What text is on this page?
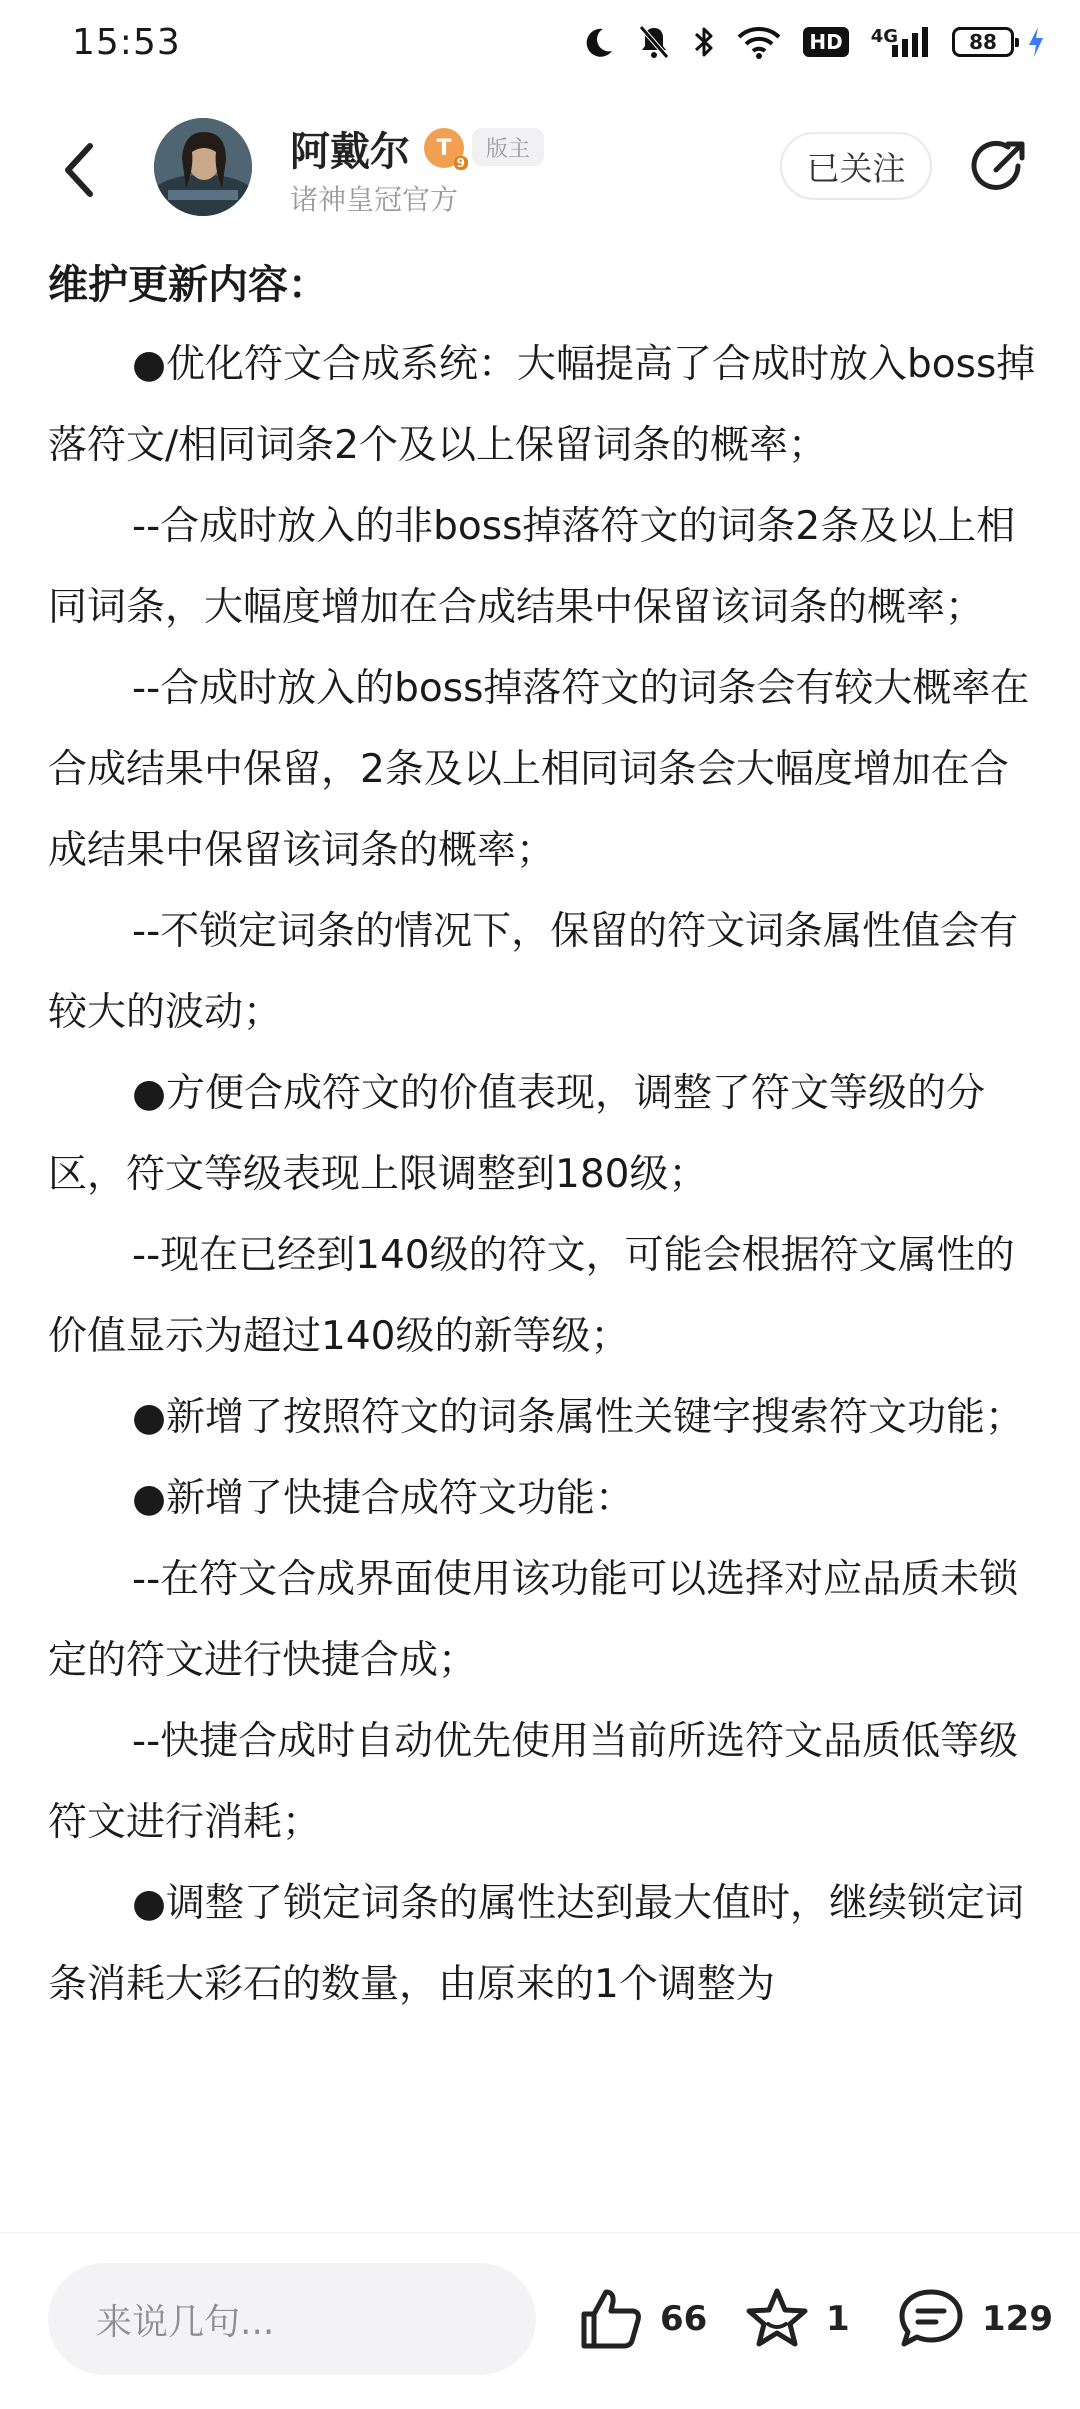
15:53	HD	4G	88
阿戴尔 T
9
版主
诸神皇冠官方
已关注
维护更新内容：

●优化符文合成系统：大幅提高了合成时放入boss掉落符文/相同词条2个及以上保留词条的概率；

--合成时放入的非boss掉落符文的词条2条及以上相同词条，大幅度增加在合成结果中保留该词条的概率；

--合成时放入的boss掉落符文的词条会有较大概率在合成结果中保留，2条及以上相同词条会大幅度增加在合成结果中保留该词条的概率；

--不锁定词条的情况下，保留的符文词条属性值会有较大的波动；

●方便合成符文的价值表现，调整了符文等级的分区，符文等级表现上限调整到180级；

--现在已经到140级的符文，可能会根据符文属性的价值显示为超过140级的新等级；

●新增了按照符文的词条属性关键字搜索符文功能；

●新增了快捷合成符文功能：

--在符文合成界面使用该功能可以选择对应品质未锁定的符文进行快捷合成；

--快捷合成时自动优先使用当前所选符文品质低等级符文进行消耗；

●调整了锁定词条的属性达到最大值时，继续锁定词条消耗大彩石的数量，由原来的1个调整为

来说几句...	66	1	129
